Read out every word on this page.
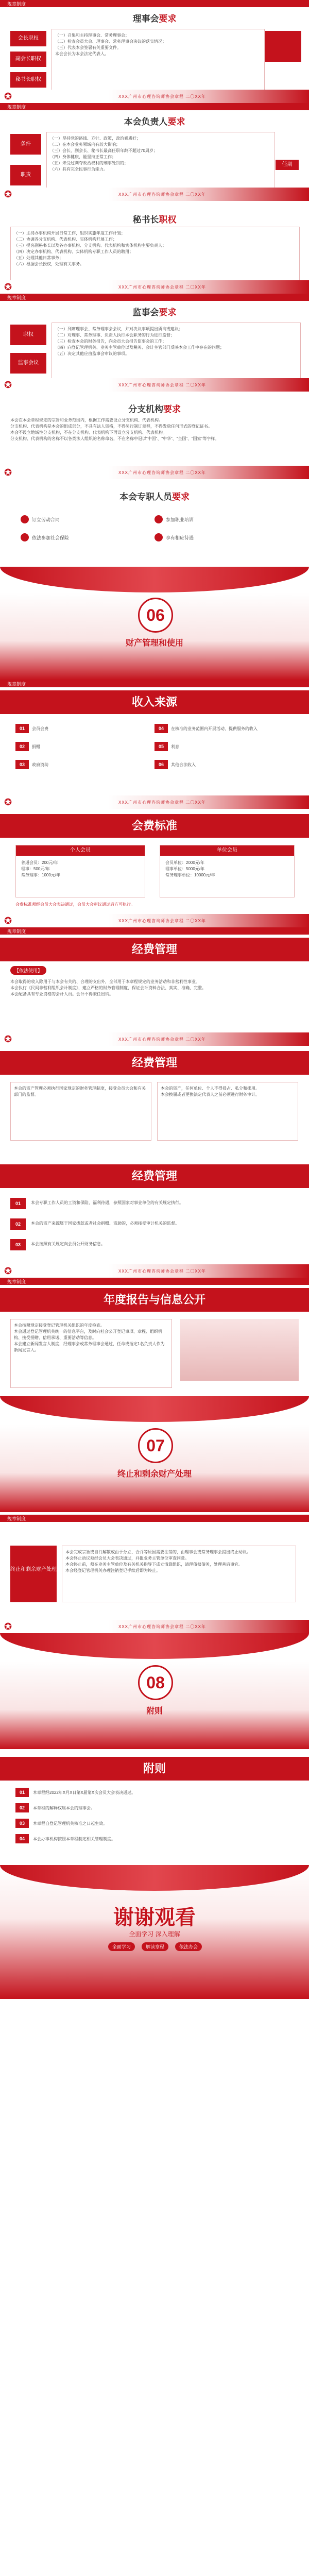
规章制度
理事会要求
会长职权
副会长职权
秘书长职权
（一）召集和主持理事会、常务理事会；
（二）检查会员大会、理事会、常务理事会决议的落实情况；
（三）代表本会签署有关重要文件。
本会会长为本会法定代表人。
✪	XXX广州市心理咨询师协会章程 二〇XX年
规章制度
本会负责人要求
条件
职责
（一）坚持党的路线、方针、政策，政治素质好；
（二）在本会业务领域内有较大影响；
（三）会长、副会长、秘书长最高任职年龄不超过70周岁；
（四）身体健康，能坚持正常工作；
（五）未受过剥夺政治权利的刑事处罚的；
（六）具有完全民事行为能力。
任期
✪	XXX广州市心理咨询师协会章程 二〇XX年
秘书长职权
（一）主持办事机构开展日常工作，组织实施年度工作计划；
（二）协调各分支机构、代表机构、实体机构开展工作；
（三）提名副秘书长以及各办事机构、分支机构、代表机构和实体机构主要负责人；
（四）决定办事机构、代表机构、实体机构专职工作人员的聘用；
（五）处理其他日常事务；
（六）根据会长授权，处理有关事务。
✪	XXX广州市心理咨询师协会章程 二〇XX年
规章制度
监事会要求
职权
监事会议
（一）列席理事会、常务理事会会议，并对决议事项提出质询或建议；
（二）对理事、常务理事、负责人执行本会职务的行为进行监督；
（三）检查本会的财务报告，向会员大会报告监事会的工作；
（四）向登记管理机关、业务主管单位以及税务、会计主管部门反映本会工作中存在的问题；
（五）决定其他应由监事会审议的事项。
✪	XXX广州市心理咨询师协会章程 二〇XX年
分支机构要求
本会在本会章程规定的宗旨和业务范围内，根据工作需要设立分支机构、代表机构。
分支机构、代表机构是本会的组成部分，不具有法人资格，不得另行制订章程，不得发放任何形式的登记证书。
本会不设立地域性分支机构，不在分支机构、代表机构下再设立分支机构、代表机构。
分支机构、代表机构的名称不以各类法人组织的名称命名，不在名称中冠以“中国”、“中华”、“全国”、“国家”等字样。
✪	XXX广州市心理咨询师协会章程 二〇XX年
本会专职人员要求
订立劳动合同
依法参加社会保险
参加职业培训
享有相应待遇
06
财产管理和使用
规章制度
收入来源
01	会员会费
02	捐赠
03	政府资助
04	在核准的业务范围内开展活动、提供服务的收入
05	利息
06	其他合法收入
✪	XXX广州市心理咨询师协会章程 二〇XX年
会费标准
个人会员
普通会员：200元/年
理事：500元/年
常务理事：1000元/年
单位会员
会员单位：2000元/年
理事单位：5000元/年
常务理事单位：10000元/年
会费标准须经会员大会表决通过，会员大会审议通过后方可执行。
✪	XXX广州市心理咨询师协会章程 二〇XX年
规章制度
经费管理
【依法使用】
本会取得的收入除用于与本会有关的、合理的支出外，全部用于本章程规定的业务活动和非营利性事业。
本会执行《民间非营利组织会计制度》，建立严格的财务管理制度，保证会计资料合法、真实、准确、完整。
本会配备具有专业资格的会计人员。会计不得兼任出纳。
✪	XXX广州市心理咨询师协会章程 二〇XX年
经费管理
本会的资产管理必须执行国家规定的财务管理制度，接受会员大会和有关部门的监督。
本会的资产，任何单位、个人不得侵占、私分和挪用。
本会换届或者更换法定代表人之前必须进行财务审计。
经费管理
01	本会专职工作人员的工资和保险、福利待遇，参照国家对事业单位的有关规定执行。
02	本会的资产来源属于国家拨款或者社会捐赠、资助的，必须接受审计机关的监督。
03	本会按照有关规定向会员公开财务信息。
✪	XXX广州市心理咨询师协会章程 二〇XX年
规章制度
年度报告与信息公开
本会按照规定接受登记管理机关组织的年度检查。
本会通过登记管理机关统一的信息平台，及时向社会公开登记事项、章程、组织机构、接受捐赠、信用承诺、重要活动等信息。
本会建立新闻发言人制度，经理事会或常务理事会通过，任命或指定1名负责人作为新闻发言人。
07
终止和剩余财产处理
规章制度
终止和剩余财产处理
本会完成宗旨或自行解散或由于分立、合并等原因需要注销的，由理事会或常务理事会提出终止动议。
本会终止动议须经会员大会表决通过，并报业务主管单位审查同意。
本会终止前，须在业务主管单位及有关机关指导下成立清算组织，清理债权债务，处理善后事宜。
本会经登记管理机关办理注销登记手续后即为终止。
✪	XXX广州市心理咨询师协会章程 二〇XX年
08
附则
附则
01	本章程经2022年X月X日第X届第X次会员大会表决通过。
02	本章程的解释权属本会的理事会。
03	本章程自登记管理机关核准之日起生效。
04	本会办事机构按照本章程制定相关管理制度。
谢谢观看
全面学习 深入理解
全面学习	解读章程	依法办会
